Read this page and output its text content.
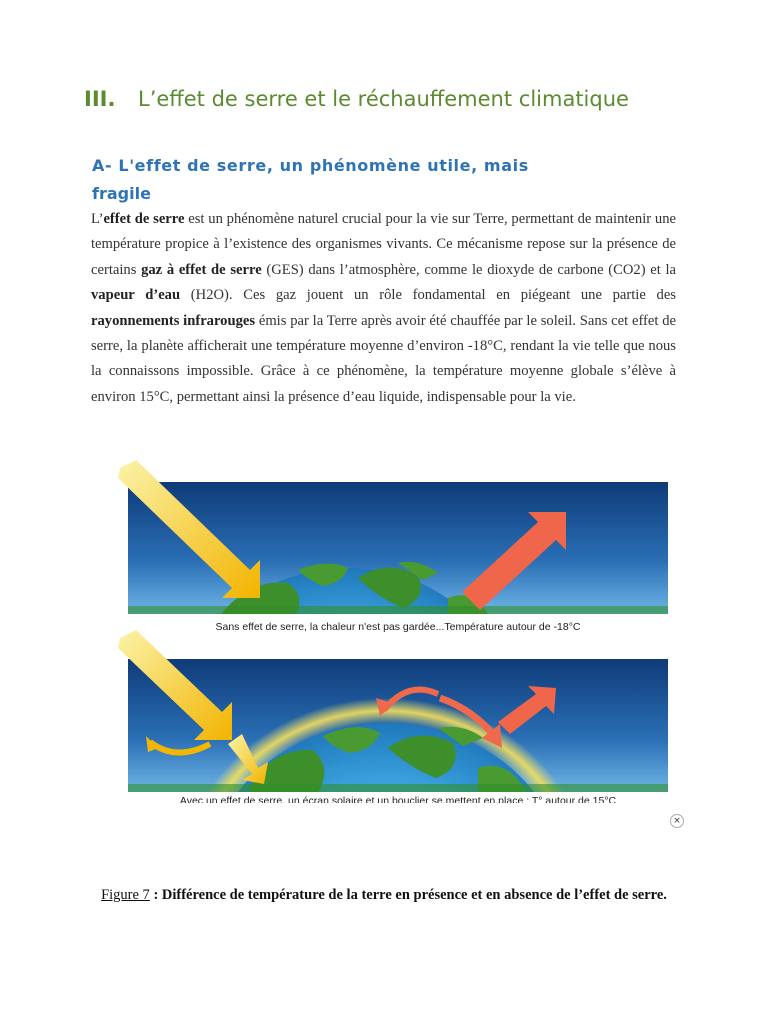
III. L’effet de serre et le réchauffement climatique
A- L'effet de serre, un phénomène utile, mais
fragile
L’effet de serre est un phénomène naturel crucial pour la vie sur Terre, permettant de maintenir une température propice à l’existence des organismes vivants. Ce mécanisme repose sur la présence de certains gaz à effet de serre (GES) dans l’atmosphère, comme le dioxyde de carbone (CO2) et la vapeur d’eau (H2O). Ces gaz jouent un rôle fondamental en piégeant une partie des rayonnements infrarouges émis par la Terre après avoir été chauffée par le soleil. Sans cet effet de serre, la planète afficherait une température moyenne d’environ -18°C, rendant la vie telle que nous la connaissons impossible. Grâce à ce phénomène, la température moyenne globale s’élève à environ 15°C, permettant ainsi la présence d’eau liquide, indispensable pour la vie.
Sans effet de serre, la chaleur n'est pas gardée...Température autour de -18°C
Avec un effet de serre, un écran solaire et un bouclier se mettent en place : T° autour de 15°C
×
Figure 7 : Différence de température de la terre en présence et en absence de l’effet de serre.
